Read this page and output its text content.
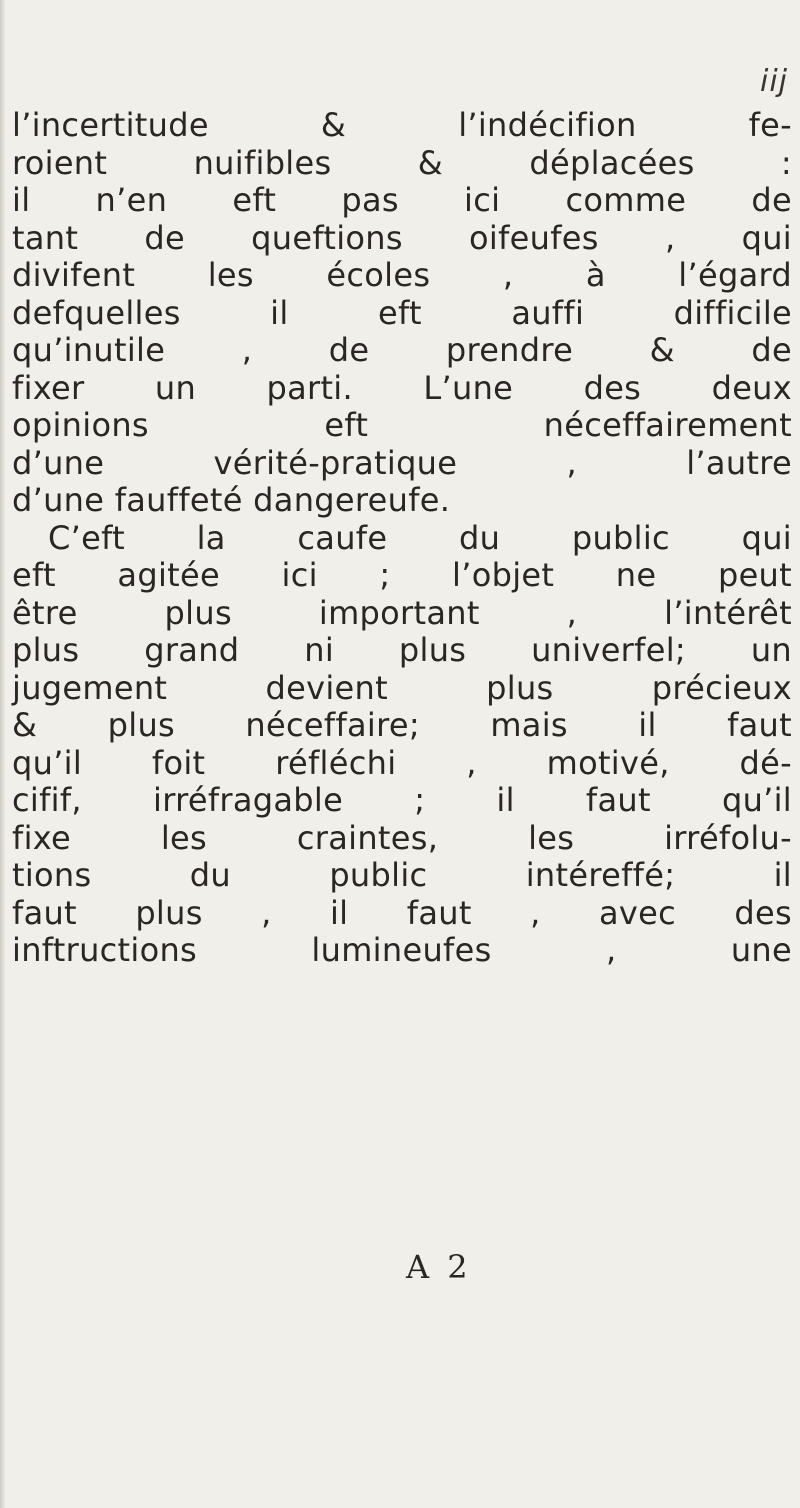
iij
l’incertitude & l’indécifion fe-
roient nuifibles & déplacées :
il n’en eft pas ici comme de
tant de queftions oifeufes , qui
divifent les écoles , à l’égard
defquelles il eft auffi difficile
qu’inutile , de prendre & de
fixer un parti. L’une des deux
opinions eft néceffairement
d’une vérité-pratique , l’autre
d’une fauffeté dangereufe.
C’eft la caufe du public qui
eft agitée ici ; l’objet ne peut
être plus important , l’intérêt
plus grand ni plus univerfel; un
jugement devient plus précieux
& plus néceffaire; mais il faut
qu’il foit réfléchi , motivé, dé-
cifif, irréfragable ; il faut qu’il
fixe les craintes, les irréfolu-
tions du public intéreffé; il
faut plus , il faut , avec des
inftructions lumineufes , une
A 2
